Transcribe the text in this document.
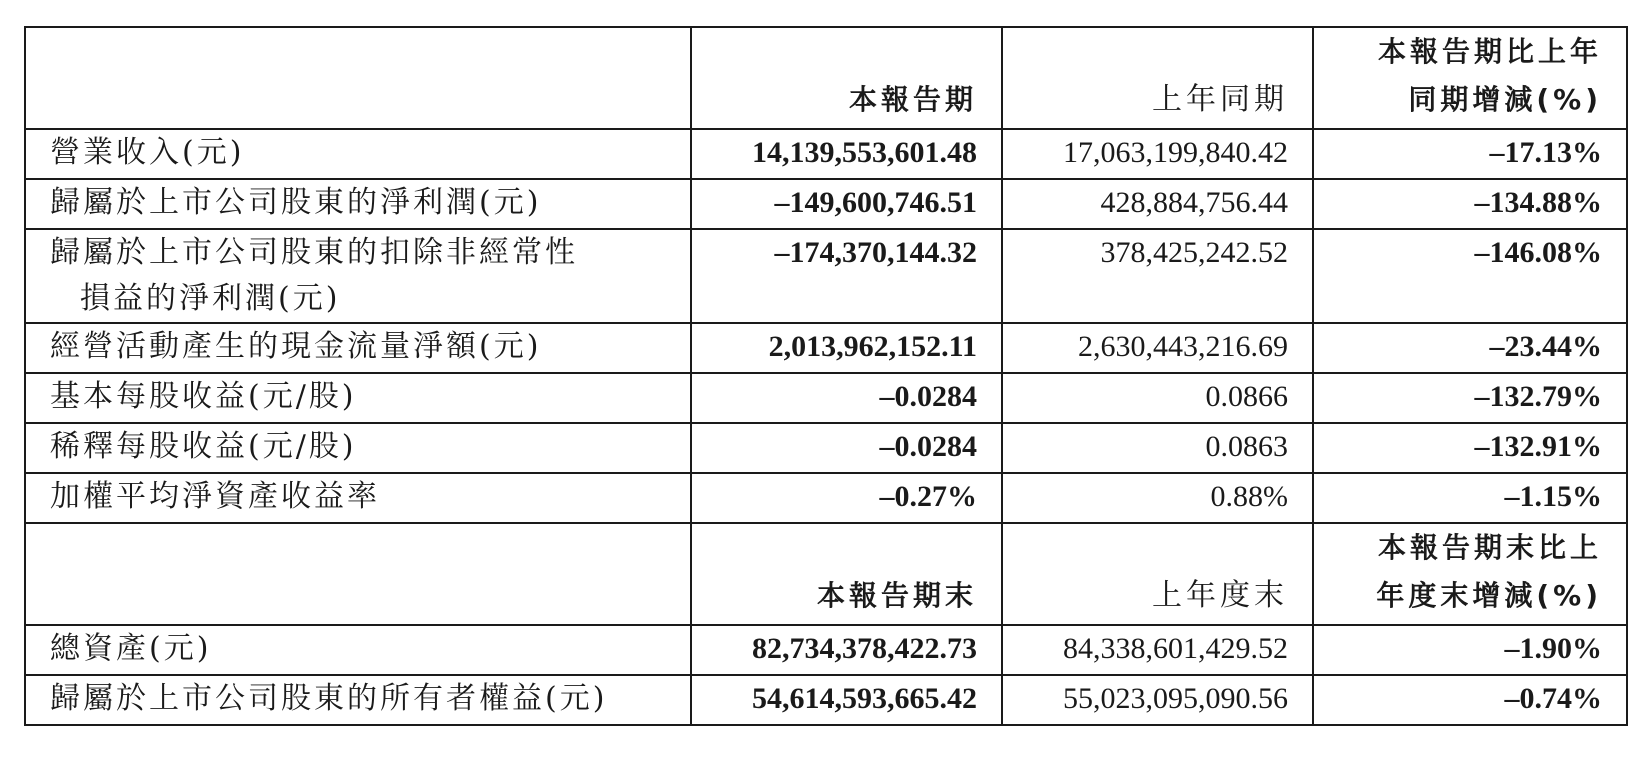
	本報告期	上年同期	本報告期比上年
同期增減(%)

營業收入(元)	14,139,553,601.48	17,063,199,840.42	–17.13%
歸屬於上市公司股東的淨利潤(元)	–149,600,746.51	428,884,756.44	–134.88%

歸屬於上市公司股東的扣除非經常性
損益的淨利潤(元)	–174,370,144.32	378,425,242.52	–146.08%
經營活動產生的現金流量淨額(元)	2,013,962,152.11	2,630,443,216.69	–23.44%
基本每股收益(元/股)	–0.0284	0.0866	–132.79%
稀釋每股收益(元/股)	–0.0284	0.0863	–132.91%
加權平均淨資產收益率	–0.27%	0.88%	–1.15%
	本報告期末	上年度末	本報告期末比上
年度末增減(%)

總資產(元)	82,734,378,422.73	84,338,601,429.52	–1.90%
歸屬於上市公司股東的所有者權益(元)	54,614,593,665.42	55,023,095,090.56	–0.74%
